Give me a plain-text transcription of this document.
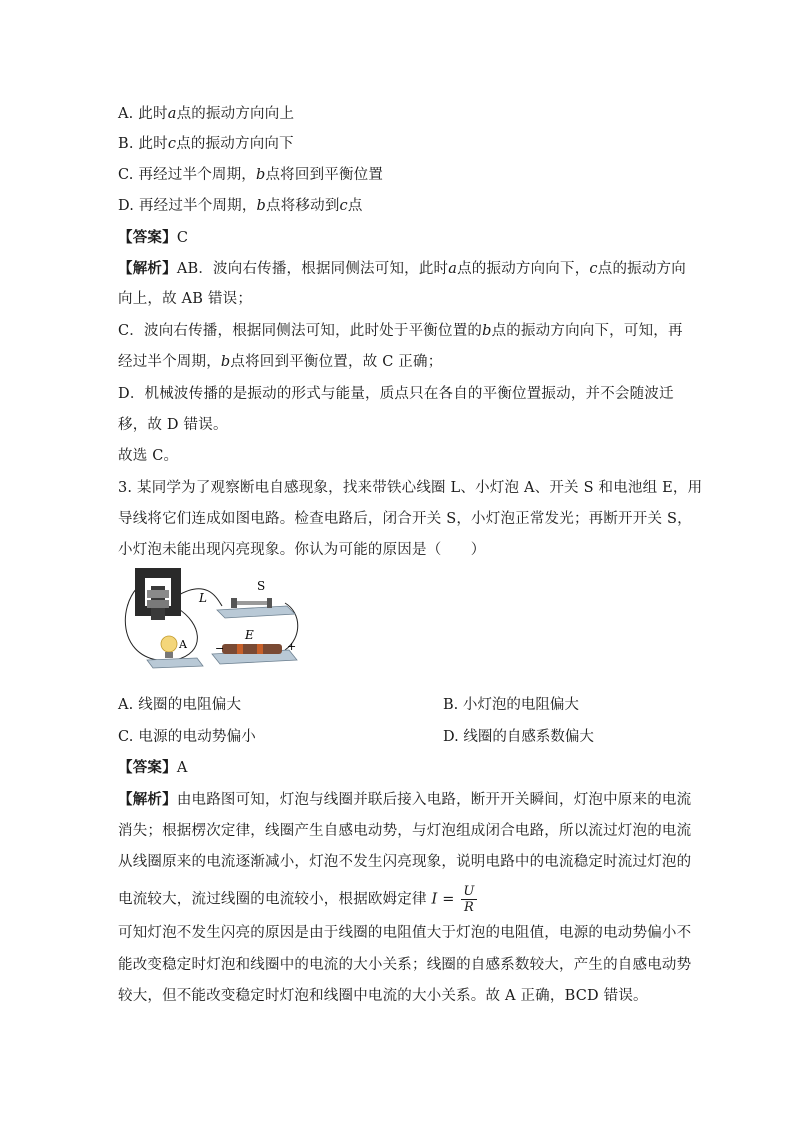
A. 此时a点的振动方向向上
B. 此时c点的振动方向向下
C. 再经过半个周期，b点将回到平衡位置
D. 再经过半个周期，b点将移动到c点
【答案】C
【解析】AB．波向右传播，根据同侧法可知，此时a点的振动方向向下，c点的振动方向
向上，故 AB 错误；
C．波向右传播，根据同侧法可知，此时处于平衡位置的b点的振动方向向下，可知，再
经过半个周期，b点将回到平衡位置，故 C 正确；
D．机械波传播的是振动的形式与能量，质点只在各自的平衡位置振动，并不会随波迁
移，故 D 错误。
故选 C。
3. 某同学为了观察断电自感现象，找来带铁心线圈 L、小灯泡 A、开关 S 和电池组 E，用
导线将它们连成如图电路。检查电路后，闭合开关 S，小灯泡正常发光；再断开开关 S，
小灯泡未能出现闪亮现象。你认为可能的原因是（　　）
L
S
E
−	+
A
A. 线圈的电阻偏大	B. 小灯泡的电阻偏大
C. 电源的电动势偏小	D. 线圈的自感系数偏大
【答案】A
【解析】由电路图可知，灯泡与线圈并联后接入电路，断开开关瞬间，灯泡中原来的电流
消失；根据楞次定律，线圈产生自感电动势，与灯泡组成闭合电路，所以流过灯泡的电流
从线圈原来的电流逐渐减小，灯泡不发生闪亮现象，说明电路中的电流稳定时流过灯泡的
电流较大，流过线圈的电流较小，根据欧姆定律 $I = \frac{U}{R}$
可知灯泡不发生闪亮的原因是由于线圈的电阻值大于灯泡的电阻值，电源的电动势偏小不
能改变稳定时灯泡和线圈中的电流的大小关系；线圈的自感系数较大，产生的自感电动势
较大，但不能改变稳定时灯泡和线圈中电流的大小关系。故 A 正确，BCD 错误。
